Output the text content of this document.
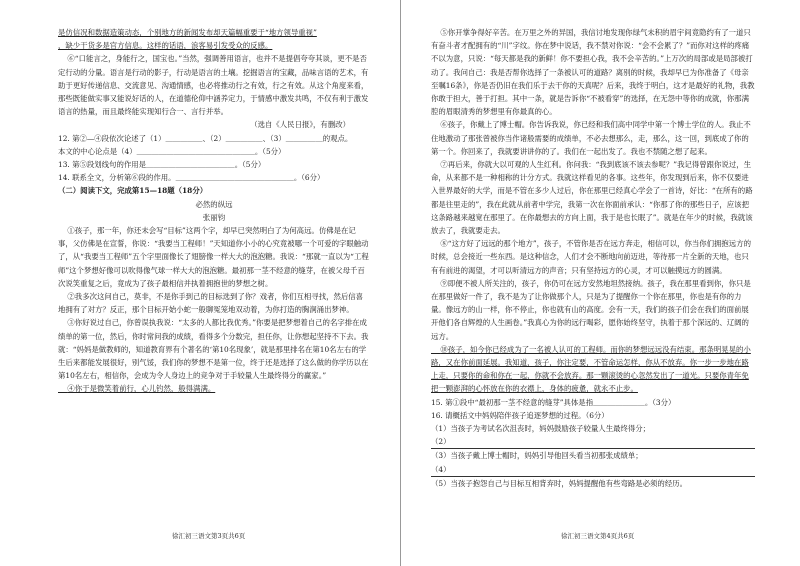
是仿信况和数据造策动态，个别地方的新闻发布却天篇幅重要于“地方领导重视”

，缺少干货多是官方信息。这样的话语，浪客易引发受众的反感。

⑥“口能言之，身能行之，国宝也。”当然，强调善用语言，也并不是提倡夸夸其谈，更不是否定行动的分量。语言是行动的影子，行动是语言的土壤。挖掘语言的宝藏，品味言语的艺术，有助于更好传递信息、交流意见、沟通情感，也必将推动行之有效，行之有效。从这个角度来看，那些既能做实事又能说好话的人，在道德伦仰中涵养定力，于情感中激发共鸣，不仅有利于激发语言的热量，而且最终能实现知行合一、言行并举。

（选自《人民日报》，有删改）

12. 第②—④段依次论述了（1）＿＿＿＿＿、（2）＿＿＿＿＿、（3）＿＿＿＿＿的观点。

本文的中心论点是（4）＿＿＿＿＿＿＿＿＿＿＿＿＿＿＿＿。（5分）

13. 第⑤段划线句的作用是＿＿＿＿＿＿＿＿＿＿＿＿。（5分）

14. 联系全文，分析第⑥段的作用。＿＿＿＿＿＿＿＿＿＿＿＿＿＿＿＿。（6分）

（二）阅读下文，完成第15—18题（18分）

必然的纵远

张丽钧

①孩子，那一年，你还未会写“目标”这两个字，却早已突然明白了为何高远。仿佛是在记事，父仿佛是在宣誓，你说：“我要当工程师！”天知道你小小的心究竟被哪一个可爱的字眼触动了，从“我要当工程师”五个字里面像长了翅膀像一样大大的泡泡糖。我说：“那就一直以为“工程师”这个梦想好像可以吹得像气球一样大大的泡泡糖。最初那一茎不经意的缝芽，在被父母千百次说笑重复之后，竟成为了孩子最相信并执着拥抱世的梦想之树。

②我多次这问自己，莫非，不是你手到己的目标选到了你？戏者，你们互相寻找，然后信喜地拥有了对方？反正，那个目标开始小蛇一般聊冤笼地双动着，为你打造的胸涧涌出梦神。

③你好说过自己，你曾误执我说：“太多的人都比我优秀。”你要是把梦想着自己的名字排在成绩单的第一位，然后，你时常问我的成绩，看得多个分数完，担任你，让你想起坚持不下去。我就：“妈妈是做教师的，知道教育界有个著名的‘第10名现象’，就是那里排名在第10名左右的学生后来都能发展很好，别气馁，我们你的梦想不是第一位，终于还是选择了这么做的你学历以在第10名左右，相信你，会成为令人身边上的竞争对于手较量人生最终得分的赢家。”

④你于是微笑着前行，心儿钓然，般得满满。

徐汇初三语文第3页共6页

⑤你开掌争得好辛苦。在万里之外的异国，我信讨地发现你绿气未积的眉宇间竟隐约有了一道只有奋斗者才配拥有的“川”字纹。你在梦中说话，我不禁对你说：“会不会累了？”而你对这样的疼痛不以为意，只说：“每天都是我的新鲜！你不要担心我，我不会辛苦的。”上万次的局部或是局部被打动了。我问自己：我是否帮你选择了一条被认可的道路？离别的时候，我却早已为你准备了《母亲至嘱16条》，你是否仍旧在我们乐于去干你的天真呢？后来，我终于明白，这才是最好的礼物，我教你敢于担大，善于打担。其中一条，就是告诉你“不被看穿”的选择，在无怨中等你的成就，你那满腔的眉眼清秀的梦想里有你最真的心。

⑥孩子，你戴上了博士帽。你告诉我说，你已经和我们高中同学中第一个博士学位的人。我止不住地激动了那张曾被你当作诸般需要的成绩单，不必去想那么，走，那么，这一回，到底成了你的第一个。你回来了，我就要讲讲你的了。我们在一起出发了。我也不禁随之想了起来。

⑦再后来，你就大以可观的人生红利。你问我：“我到底该不该去参呢？”我记得曾跟你说过，生命，从来都不是一种相称的计分方式。我就这样看见的各事。这些年，你发现到后来，你不仅要进入世界最好的大学，而是不管在多少人过后，你在那里已经真心学会了一首诗，好比：“在所有的路都是往里走的”，我在此就从前者中学完，我第一次在你面前承认：“你那了你的那些日子，应该把这条路越来越宽在那里了。在你最想去的方向上面，我于是也长眠了”。就是在年少的时候，我就该放去了，我就要走去。

⑧“这方好了远远的那个地方”，孩子，不管你是否在远方奔走，相信可以，你当你们拥抱远方的时候，总会接近一些东西。是这种信念，人们才会不断地向前迈进，等待那一片全新的天地，也只有有前进的渴望，才可以听清远方的声音；只有坚持远方的心灵，才可以触摸远方的圆满。

⑨即便不被人所关注的，孩子，你仍可在远方安然地坦然接纳。孩子，我在那里看到你，你只是在那里做好一件了，我不是为了让你做那个人，只是为了提醒你一个你在那里，你也是有你的力量。像远方的山一样，你不停止，你也就有山的高度。会有一天，我们的孩子们会在我们的面前展开他们各自辉煌的人生画卷。”我真心为你的远行喝彩，愿你始终坚守，执着于那个深远的、辽阔的远方。

⑩孩子，如今你已经成为了一名被人认可的工程师。而你的梦想远远没有结束。那条明晃晃的小路，又在你前面延展。我知道，孩子，你注定要，不管命运怎样，你从不放弃。你一步一步地在路上走，只要你的命和你在一起，你就不会放弃。那一颗滚烫的心忽然发出了一道光。只要你青年免把一颗澎湃的心怀放在你的衣襟上，身体的疲惫，就永不止步。

15. 第①段中“最初那一茎不经意的缝芽”具体是指＿＿＿＿＿＿＿。（3分）

16. 请概括文中妈妈陪伴孩子追逐梦想的过程。（6分）

（1）当孩子为考试名次沮丧时，妈妈鼓励孩子较量人生最终得分；

（2）

（3）当孩子戴上博士帽时，妈妈引导他回头看当初那张成绩单；

（4）

（5）当孩子抱怨自己与目标互相背弃时，妈妈提醒他有些弯路是必须的经历。

徐汇初三语文第4页共6页
